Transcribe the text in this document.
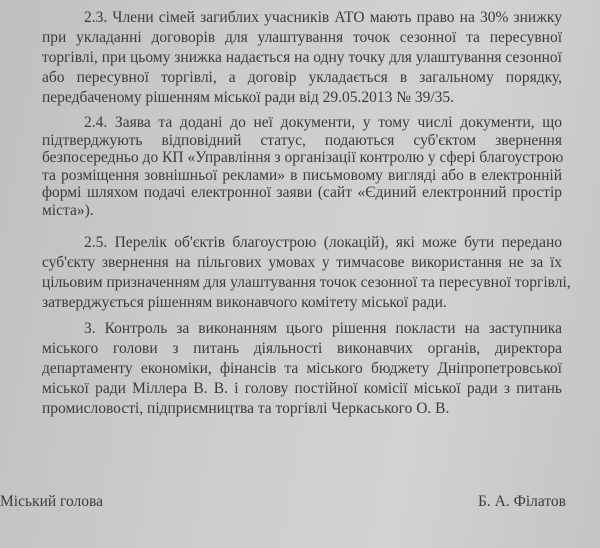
2.3. Члени сімей загиблих учасників АТО мають право на 30% знижку
при укладанні договорів для улаштування точок сезонної та пересувної
торгівлі, при цьому знижка надається на одну точку для улаштування сезонної
або пересувної торгівлі, а договір укладається в загальному порядку,
передбаченому рішенням міської ради від 29.05.2013 № 39/35.
2.4. Заява та додані до неї документи, у тому числі документи, що
підтверджують відповідний статус, подаються суб'єктом звернення
безпосередньо до КП «Управління з організації контролю у сфері благоустрою
та розміщення зовнішньої реклами» в письмовому вигляді або в електронній
формі шляхом подачі електронної заяви (сайт «Єдиний електронний простір
міста»).
2.5. Перелік об'єктів благоустрою (локацій), які може бути передано
суб'єкту звернення на пільгових умовах у тимчасове використання не за їх
цільовим призначенням для улаштування точок сезонної та пересувної торгівлі,
затверджується рішенням виконавчого комітету міської ради.
3. Контроль за виконанням цього рішення покласти на заступника
міського голови з питань діяльності виконавчих органів, директора
департаменту економіки, фінансів та міського бюджету Дніпропетровської
міської ради Міллера В. В. і голову постійної комісії міської ради з питань
промисловості, підприємництва та торгівлі Черкаського О. В.
Міський голова	Б. А. Філатов
